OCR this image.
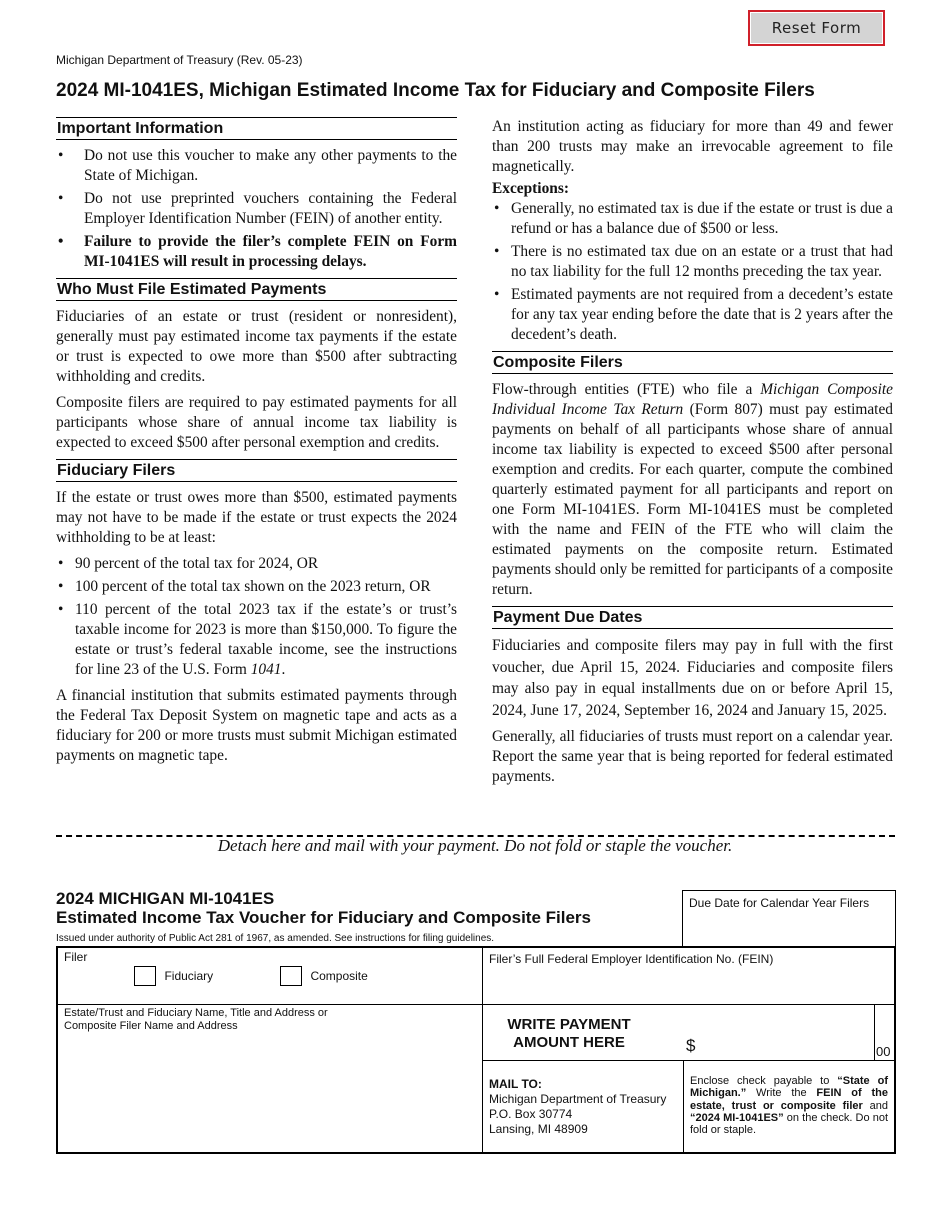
Reset Form
Michigan Department of Treasury (Rev. 05-23)
2024 MI-1041ES, Michigan Estimated Income Tax for Fiduciary and Composite Filers
Important Information
• Do not use this voucher to make any other payments to the State of Michigan.
• Do not use preprinted vouchers containing the Federal Employer Identification Number (FEIN) of another entity.
• Failure to provide the filer’s complete FEIN on Form MI-1041ES will result in processing delays.
Who Must File Estimated Payments

Fiduciaries of an estate or trust (resident or nonresident), generally must pay estimated income tax payments if the estate or trust is expected to owe more than $500 after subtracting withholding and credits.

Composite filers are required to pay estimated payments for all participants whose share of annual income tax liability is expected to exceed $500 after personal exemption and credits.

Fiduciary Filers

If the estate or trust owes more than $500, estimated payments may not have to be made if the estate or trust expects the 2024 withholding to be at least:

• 90 percent of the total tax for 2024, OR
• 100 percent of the total tax shown on the 2023 return, OR
• 110 percent of the total 2023 tax if the estate’s or trust’s taxable income for 2023 is more than $150,000. To figure the estate or trust’s federal taxable income, see the instructions for line 23 of the U.S. Form 1041.

A financial institution that submits estimated payments through the Federal Tax Deposit System on magnetic tape and acts as a fiduciary for 200 or more trusts must submit Michigan estimated payments on magnetic tape.

An institution acting as fiduciary for more than 49 and fewer than 200 trusts may make an irrevocable agreement to file magnetically.

Exceptions:
• Generally, no estimated tax is due if the estate or trust is due a refund or has a balance due of $500 or less.
• There is no estimated tax due on an estate or a trust that had no tax liability for the full 12 months preceding the tax year.
• Estimated payments are not required from a decedent’s estate for any tax year ending before the date that is 2 years after the decedent’s death.
Composite Filers

Flow-through entities (FTE) who file a Michigan Composite Individual Income Tax Return (Form 807) must pay estimated payments on behalf of all participants whose share of annual income tax liability is expected to exceed $500 after personal exemption and credits. For each quarter, compute the combined quarterly estimated payment for all participants and report on one Form MI-1041ES. Form MI-1041ES must be completed with the name and FEIN of the FTE who will claim the estimated payments on the composite return. Estimated payments should only be remitted for participants of a composite return.

Payment Due Dates

Fiduciaries and composite filers may pay in full with the first voucher, due April 15, 2024. Fiduciaries and composite filers may also pay in equal installments due on or before April 15, 2024, June 17, 2024, September 16, 2024 and January 15, 2025.

Generally, all fiduciaries of trusts must report on a calendar year. Report the same year that is being reported for federal estimated payments.

Detach here and mail with your payment. Do not fold or staple the voucher.
2024 MICHIGAN MI-1041ES
Estimated Income Tax Voucher for Fiduciary and Composite Filers
Issued under authority of Public Act 281 of 1967, as amended. See instructions for filing guidelines.
Due Date for Calendar Year Filers
Filer
Fiduciary	Composite
Filer’s Full Federal Employer Identification No. (FEIN)
Estate/Trust and Fiduciary Name, Title and Address or
Composite Filer Name and Address	WRITE PAYMENT
AMOUNT HERE	$	00
MAIL TO:
Michigan Department of Treasury
P.O. Box 30774
Lansing, MI 48909
Enclose check payable to “State of Michigan.” Write the FEIN of the estate, trust or composite filer and “2024 MI-1041ES” on the check. Do not fold or staple.
